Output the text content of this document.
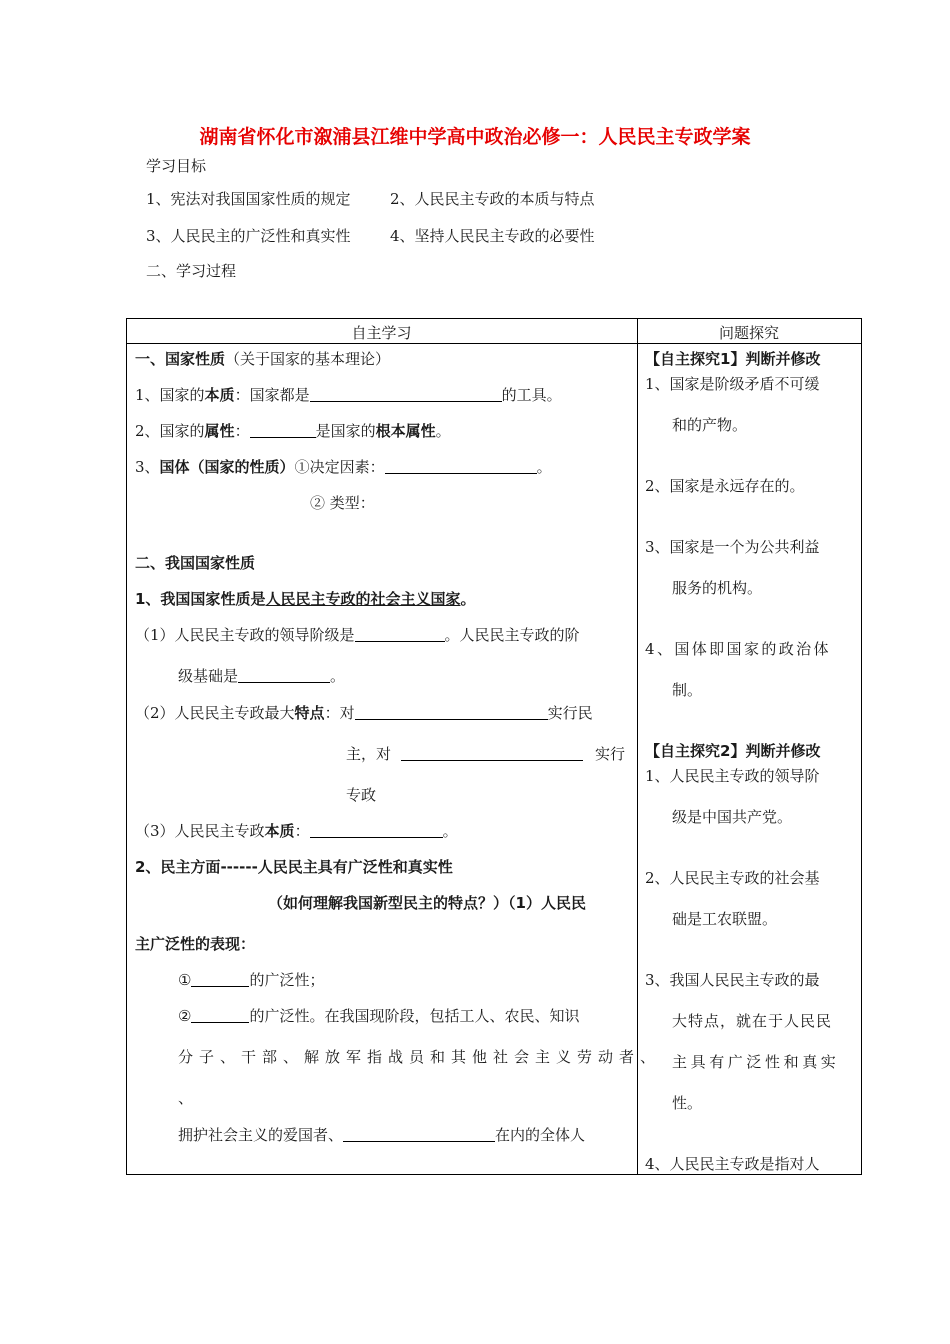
湖南省怀化市溆浦县江维中学高中政治必修一：人民民主专政学案
学习目标
1、宪法对我国国家性质的规定	2、人民民主专政的本质与特点
3、人民民主的广泛性和真实性	4、坚持人民民主专政的必要性
二、学习过程
自主学习	问题探究
一、国家性质（关于国家的基本理论）
1、国家的本质：国家都是	的工具。
2、国家的属性：	是国家的根本属性。
3、国体（国家的性质）①决定因素：	。
② 类型：
二、我国国家性质
1、我国国家性质是人民民主专政的社会主义国家。
（1）人民民主专政的领导阶级是	。人民民主专政的阶
级基础是	。
（2）人民民主专政最大特点：对	实行民
主，对	实行
专政
（3）人民民主专政本质：	。
2、民主方面------人民民主具有广泛性和真实性
（如何理解我国新型民主的特点？）（1）人民民
主广泛性的表现：
①	的广泛性；
②	的广泛性。在我国现阶段，包括工人、农民、知识
分子、干部、解放军指战员和其他社会主义劳动者、
、
拥护社会主义的爱国者、	在内的全体人
【自主探究1】判断并修改
1、国家是阶级矛盾不可缓
和的产物。
2、国家是永远存在的。
3、国家是一个为公共利益
服务的机构。
4、国体即国家的政治体
制。
【自主探究2】判断并修改
1、人民民主专政的领导阶
级是中国共产党。
2、人民民主专政的社会基
础是工农联盟。
3、我国人民民主专政的最
大特点，就在于人民民
主具有广泛性和真实
性。
4、人民民主专政是指对人
